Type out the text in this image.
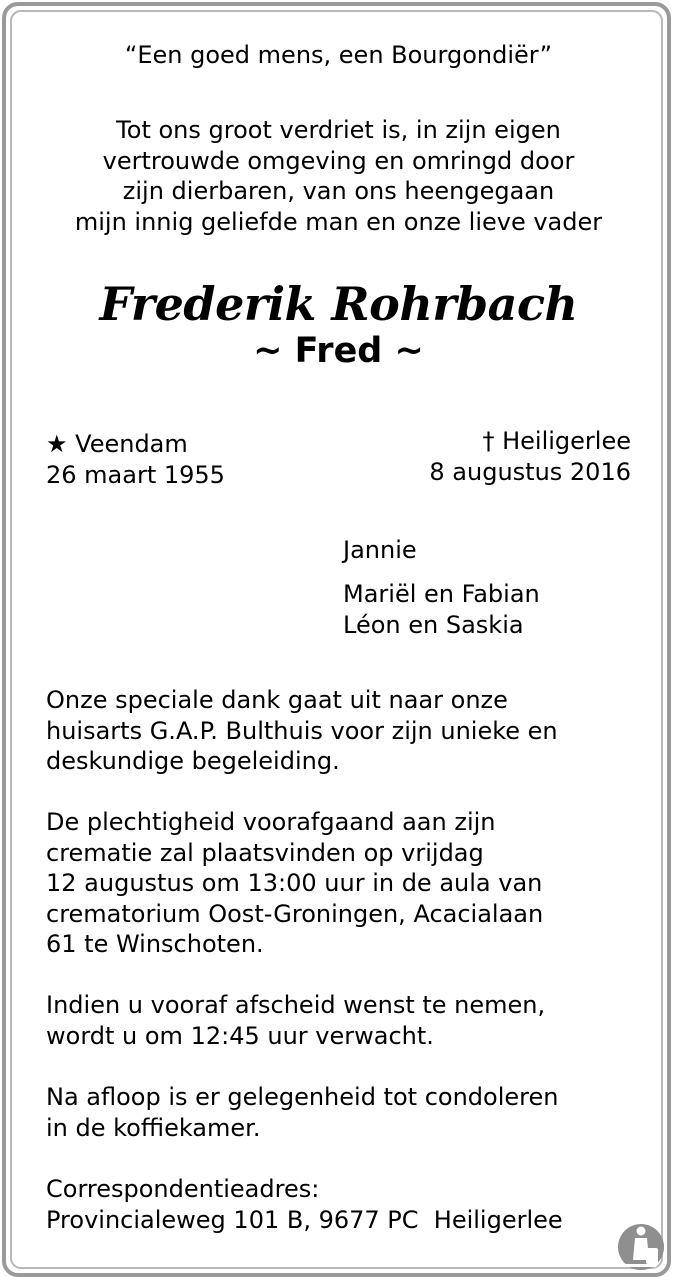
“Een goed mens, een Bourgondiër”
Tot ons groot verdriet is, in zijn eigen
vertrouwde omgeving en omringd door
zijn dierbaren, van ons heengegaan
mijn innig geliefde man en onze lieve vader
Frederik Rohrbach
~ Fred ~
★ Veendam
26 maart 1955
† Heiligerlee
8 augustus 2016
Jannie
Mariël en Fabian
Léon en Saskia
Onze speciale dank gaat uit naar onze
huisarts G.A.P. Bulthuis voor zijn unieke en
deskundige begeleiding.
De plechtigheid voorafgaand aan zijn
crematie zal plaatsvinden op vrijdag
12 augustus om 13:00 uur in de aula van
crematorium Oost-Groningen, Acacialaan
61 te Winschoten.
Indien u vooraf afscheid wenst te nemen,
wordt u om 12:45 uur verwacht.
Na afloop is er gelegenheid tot condoleren
in de koffiekamer.
Correspondentieadres:
Provincialeweg 101 B, 9677 PC  Heiligerlee
